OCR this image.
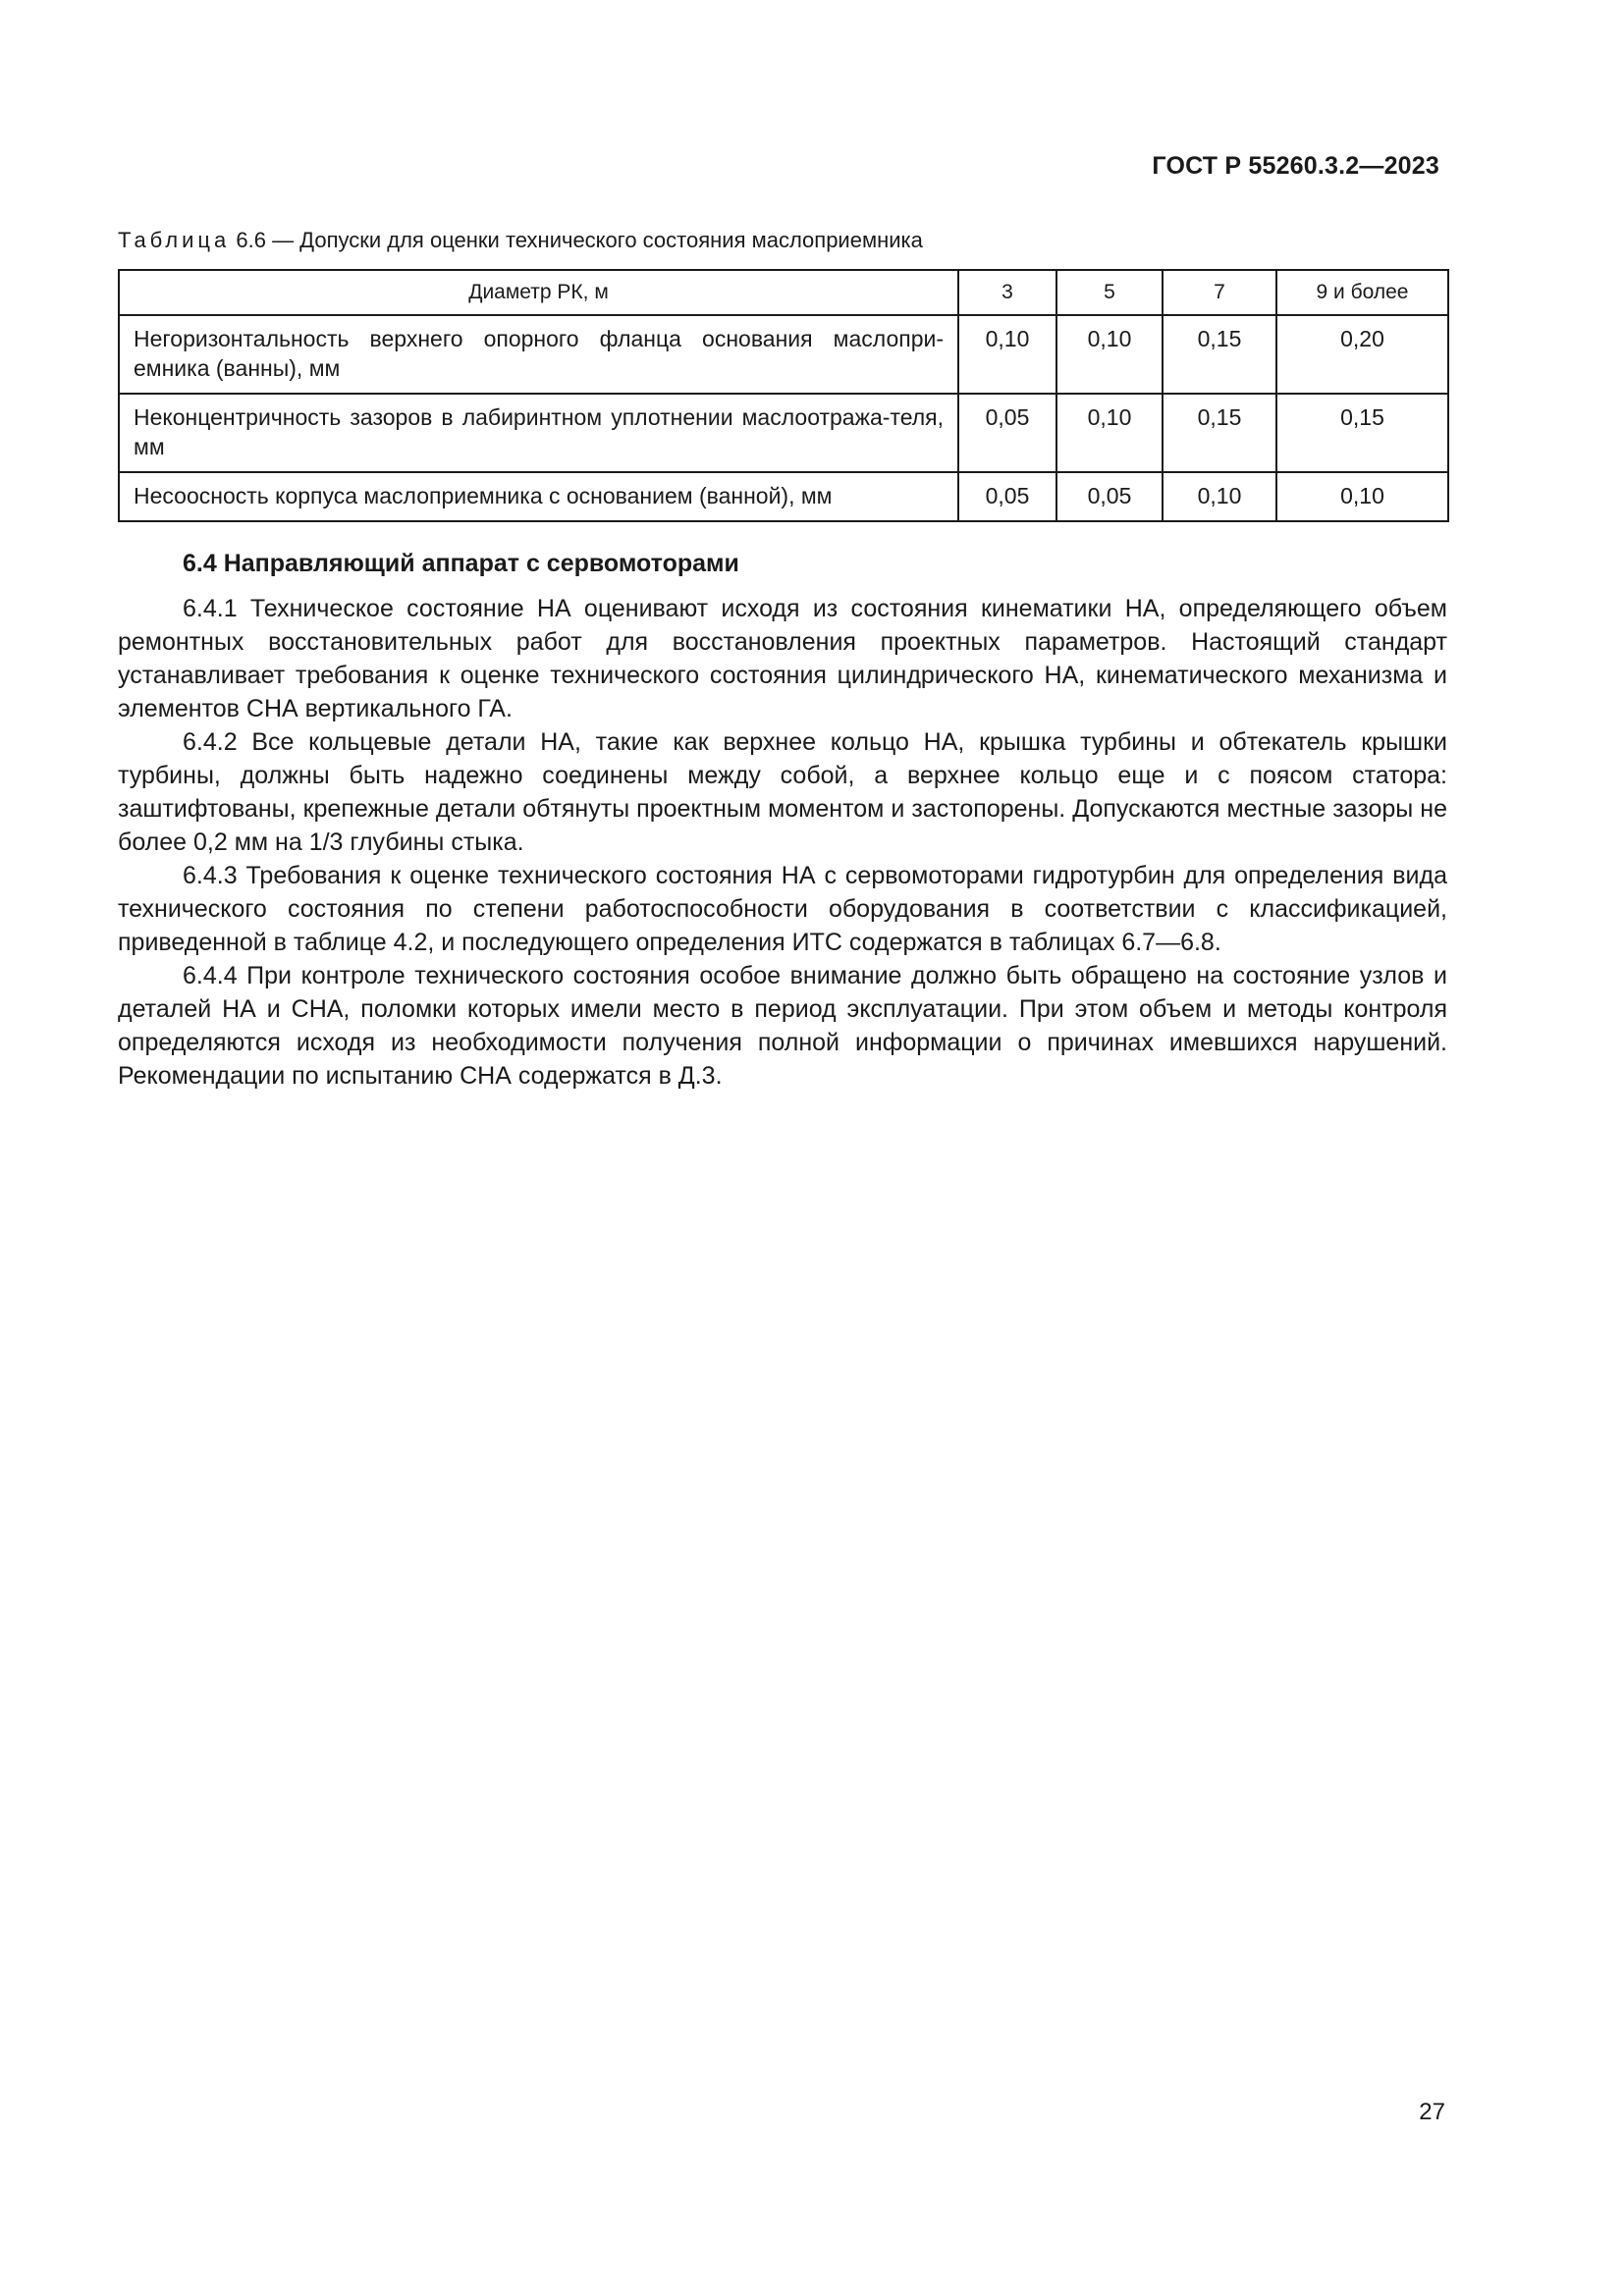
ГОСТ Р 55260.3.2—2023
Таблица 6.6 — Допуски для оценки технического состояния маслоприемника
Диаметр РК, м	3	5	7	9 и более
Негоризонтальность верхнего опорного фланца основания маслопри-емника (ванны), мм	0,10	0,10	0,15	0,20
Неконцентричность зазоров в лабиринтном уплотнении маслоотража-теля, мм	0,05	0,10	0,15	0,15
Несоосность корпуса маслоприемника с основанием (ванной), мм	0,05	0,05	0,10	0,10
6.4 Направляющий аппарат с сервомоторами

6.4.1 Техническое состояние НА оценивают исходя из состояния кинематики НА, определяющего объем ремонтных восстановительных работ для восстановления проектных параметров. Настоящий стандарт устанавливает требования к оценке технического состояния цилиндрического НА, кинематического механизма и элементов СНА вертикального ГА.

6.4.2 Все кольцевые детали НА, такие как верхнее кольцо НА, крышка турбины и обтекатель крышки турбины, должны быть надежно соединены между собой, а верхнее кольцо еще и с поясом статора: заштифтованы, крепежные детали обтянуты проектным моментом и застопорены. Допускаются местные зазоры не более 0,2 мм на 1/3 глубины стыка.

6.4.3 Требования к оценке технического состояния НА с сервомоторами гидротурбин для определения вида технического состояния по степени работоспособности оборудования в соответствии с классификацией, приведенной в таблице 4.2, и последующего определения ИТС содержатся в таблицах 6.7—6.8.

6.4.4 При контроле технического состояния особое внимание должно быть обращено на состояние узлов и деталей НА и СНА, поломки которых имели место в период эксплуатации. При этом объем и методы контроля определяются исходя из необходимости получения полной информации о причинах имевшихся нарушений. Рекомендации по испытанию СНА содержатся в Д.3.

27
